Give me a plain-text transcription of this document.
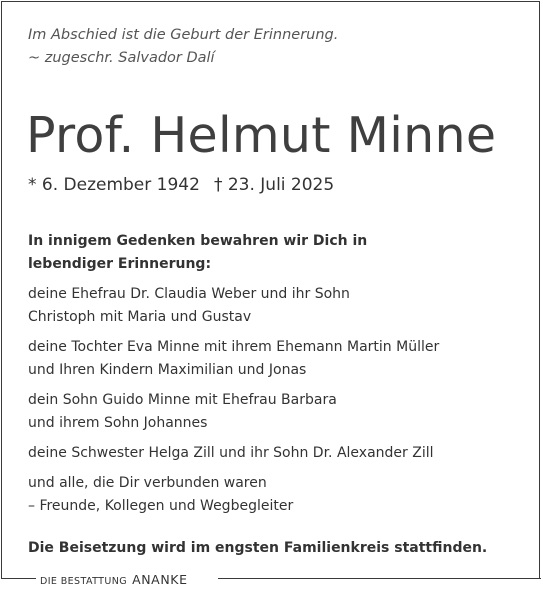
Im Abschied ist die Geburt der Erinnerung.
~ zugeschr. Salvador Dalí
Prof. Helmut Minne
* 6. Dezember 1942 † 23. Juli 2025
In innigem Gedenken bewahren wir Dich in
lebendiger Erinnerung:
deine Ehefrau Dr. Claudia Weber und ihr Sohn
Christoph mit Maria und Gustav
deine Tochter Eva Minne mit ihrem Ehemann Martin Müller
und Ihren Kindern Maximilian und Jonas
dein Sohn Guido Minne mit Ehefrau Barbara
und ihrem Sohn Johannes
deine Schwester Helga Zill und ihr Sohn Dr. Alexander Zill
und alle, die Dir verbunden waren
– Freunde, Kollegen und Wegbegleiter
Die Beisetzung wird im engsten Familienkreis stattfinden.
DIE BESTATTUNG ANANKE
